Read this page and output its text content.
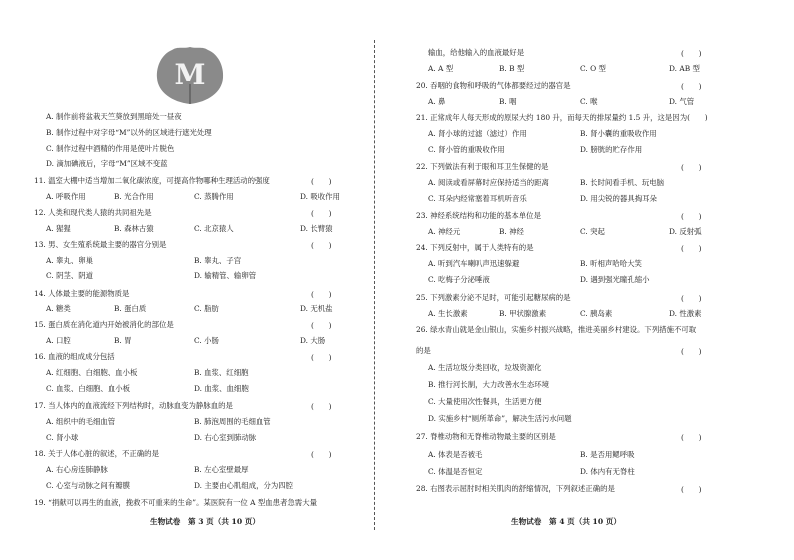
M
A. 制作前将盆栽天竺葵放到黑暗处一昼夜
B. 制作过程中对字母“M”以外的区域进行遮光处理
C. 制作过程中酒精的作用是使叶片脱色
D. 滴加碘液后，字母“M”区域不变蓝
11. 温室大棚中适当增加二氧化碳浓度，可提高作物哪种生理活动的强度	(　　)
A. 呼吸作用	B. 光合作用	C. 蒸腾作用	D. 吸收作用
12. 人类和现代类人猿的共同祖先是	(　　)
A. 猩猩	B. 森林古猿	C. 北京猿人	D. 长臂猿
13. 男、女生殖系统最主要的器官分别是	(　　)
A. 睾丸、卵巢	B. 睾丸、子宫
C. 阴茎、阴道	D. 输精管、输卵管
14. 人体最主要的能源物质是	(　　)
A. 糖类	B. 蛋白质	C. 脂肪	D. 无机盐
15. 蛋白质在消化道内开始被消化的部位是	(　　)
A. 口腔	B. 胃	C. 小肠	D. 大肠
16. 血液的组成成分包括	(　　)
A. 红细胞、白细胞、血小板	B. 血浆、红细胞
C. 血浆、白细胞、血小板	D. 血浆、血细胞
17. 当人体内的血液流经下列结构时，动脉血变为静脉血的是	(　　)
A. 组织中的毛细血管	B. 肺泡周围的毛细血管
C. 肾小球	D. 右心室到肺动脉
18. 关于人体心脏的叙述，不正确的是	(　　)
A. 右心房连肺静脉	B. 左心室壁最厚
C. 心室与动脉之间有瓣膜	D. 主要由心肌组成，分为四腔
19. “捐献可以再生的血液，挽救不可重来的生命”。某医院有一位 A 型血患者急需大量
生物试卷　第 3 页（共 10 页）
输血，给他输入的血液最好是	(　　)
A. A 型	B. B 型	C. O 型	D. AB 型
20. 吞咽的食物和呼吸的气体都要经过的器官是	(　　)
A. 鼻	B. 咽	C. 喉	D. 气管
21. 正常成年人每天形成的原尿大约 180 升，而每天的排尿量约 1.5 升，这是因为(　　)
A. 肾小球的过滤（滤过）作用	B. 肾小囊的重吸收作用
C. 肾小管的重吸收作用	D. 膀胱的贮存作用
22. 下列做法有利于眼和耳卫生保健的是	(　　)
A. 阅读或看屏幕时应保持适当的距离	B. 长时间看手机、玩电脑
C. 耳朵内经常塞着耳机听音乐	D. 用尖锐的器具掏耳朵
23. 神经系统结构和功能的基本单位是	(　　)
A. 神经元	B. 神经	C. 突起	D. 反射弧
24. 下列反射中，属于人类特有的是	(　　)
A. 听到汽车喇叭声迅速躲避	B. 听相声哈哈大笑
C. 吃梅子分泌唾液	D. 遇到强光瞳孔缩小
25. 下列激素分泌不足时，可能引起糖尿病的是	(　　)
A. 生长激素	B. 甲状腺激素	C. 胰岛素	D. 性激素
26. 绿水青山就是金山银山，实施乡村振兴战略，推进美丽乡村建设。下列措施不可取
的是	(　　)
A. 生活垃圾分类回收，垃圾资源化
B. 推行河长制，大力改善水生态环境
C. 大量使用次性餐具，生活更方便
D. 实施乡村“厕所革命”，解决生活污水问题
27. 脊椎动物和无脊椎动物最主要的区别是	(　　)
A. 体表是否被毛	B. 是否用鳃呼吸
C. 体温是否恒定	D. 体内有无脊柱
28. 右图表示屈肘时相关肌肉的舒缩情况，下列叙述正确的是	(　　)
生物试卷　第 4 页（共 10 页）
